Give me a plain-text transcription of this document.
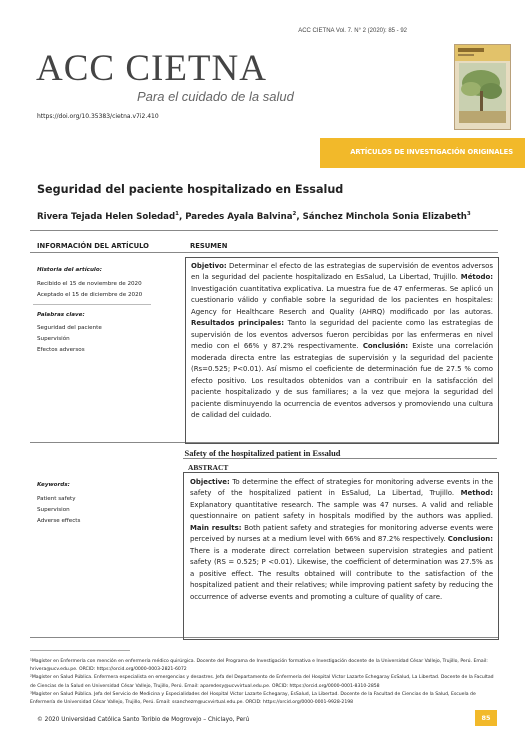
ACC CIETNA Vol. 7. N° 2 (2020): 85 - 92
ACC CIETNA
Para el cuidado de la salud
https://doi.org/10.35383/cietna.v7i2.410
ARTÍCULOS DE INVESTIGACIÓN ORIGINALES
Seguridad del paciente hospitalizado en Essalud
Rivera Tejada Helen Soledad$^1$, Paredes Ayala Balvina$^2$, Sánchez Minchola Sonia Elizabeth$^3$
INFORMACIÓN DEL ARTÍCULO	RESUMEN
Historia del artículo:
Recibido el 15 de noviembre de 2020
Aceptado el 15 de diciembre de 2020
Palabras clave:
Seguridad del paciente
Supervisión
Efectos adversos
Objetivo: Determinar el efecto de las estrategias de supervisión de eventos adversos en la seguridad del paciente hospitalizado en EsSalud, La Libertad, Trujillo. Método: Investigación cuantitativa explicativa. La muestra fue de 47 enfermeras. Se aplicó un cuestionario válido y confiable sobre la seguridad de los pacientes en hospitales: Agency for Healthcare Reserch and Quality (AHRQ) modificado por las autoras. Resultados principales: Tanto la seguridad del paciente como las estrategias de supervisión de los eventos adversos fueron percibidas por las enfermeras en nivel medio con el 66% y 87.2% respectivamente. Conclusión: Existe una correlación moderada directa entre las estrategias de supervisión y la seguridad del paciente (Rs=0.525; P<0.01). Así mismo el coeficiente de determinación fue de 27.5 % como efecto positivo. Los resultados obtenidos van a contribuir en la satisfacción del paciente hospitalizado y de sus familiares; a la vez que mejora la seguridad del paciente disminuyendo la ocurrencia de eventos adversos y promoviendo una cultura de calidad del cuidado.
Safety of the hospitalized patient in Essalud
ABSTRACT
Keywords:
Patient safety
Supervision
Adverse effects
Objective: To determine the effect of strategies for monitoring adverse events in the safety of the hospitalized patient in EsSalud, La Libertad, Trujillo. Method: Explanatory quantitative research. The sample was 47 nurses. A valid and reliable questionnaire on patient safety in hospitals modified by the authors was applied. Main results: Both patient safety and strategies for monitoring adverse events were perceived by nurses at a medium level with 66% and 87.2% respectively. Conclusion: There is a moderate direct correlation between supervision strategies and patient safety (RS = 0.525; P <0.01). Likewise, the coefficient of determination was 27.5% as a positive effect. The results obtained will contribute to the satisfaction of the hospitalized patient and their relatives; while improving patient safety by reducing the occurrence of adverse events and promoting a culture of quality of care.
¹Magíster en Enfermería con mención en enfermería médico quirúrgica. Docente del Programa de Investigación formativa e Investigación docente de la Universidad César Vallejo, Trujillo, Perú. Email: hrivera@ucv.edu.pe. ORCID: https://orcid.org/0000-0003-2821-6072
²Magíster en Salud Pública. Enfermera especialista en emergencias y desastres. Jefa del Departamento de Enfermería del Hospital Víctor Lazarte Echegaray EsSalud, La Libertad. Docente de la Facultad de Ciencias de la Salud en Universidad César Vallejo, Trujillo, Perú. Email: aparedesy@ucvvirtual.edu.pe. ORCID: https://orcid.org/0000-0001-8310-2858
³Magíster en Salud Pública. Jefa del Servicio de Medicina y Especialidades del Hospital Víctor Lazarte Echegaray, EsSalud, La Libertad. Docente de la Facultad de Ciencias de la Salud, Escuela de Enfermería de Universidad César Vallejo, Trujillo, Perú. Email: ssanchezm@ucvvirtual.edu.pe. ORCID: https://orcid.org/0000-0001-9928-2198
© 2020 Universidad Católica Santo Toribio de Mogrovejo – Chiclayo, Perú	85
